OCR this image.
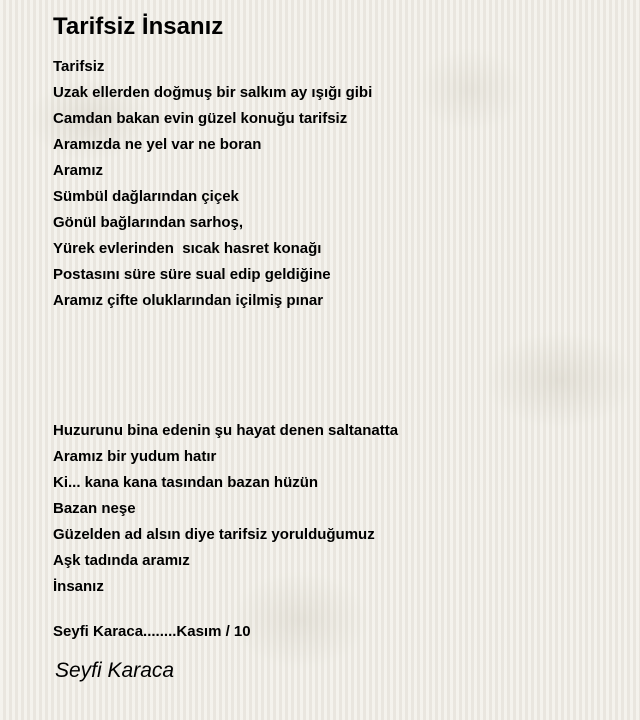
Tarifsiz İnsanız
Tarifsiz
Uzak ellerden doğmuş bir salkım ay ışığı gibi
Camdan bakan evin güzel konuğu tarifsiz
Aramızda ne yel var ne boran
Aramız
Sümbül dağlarından çiçek
Gönül bağlarından sarhoş,
Yürek evlerinden  sıcak hasret konağı
Postasını süre süre sual edip geldiğine
Aramız çifte oluklarından içilmiş pınar
Huzurunu bina edenin şu hayat denen saltanatta
Aramız bir yudum hatır
Ki... kana kana tasından bazan hüzün
Bazan neşe
Güzelden ad alsın diye tarifsiz yorulduğumuz
Aşk tadında aramız
İnsanız
Seyfi Karaca........Kasım / 10
Seyfi Karaca
